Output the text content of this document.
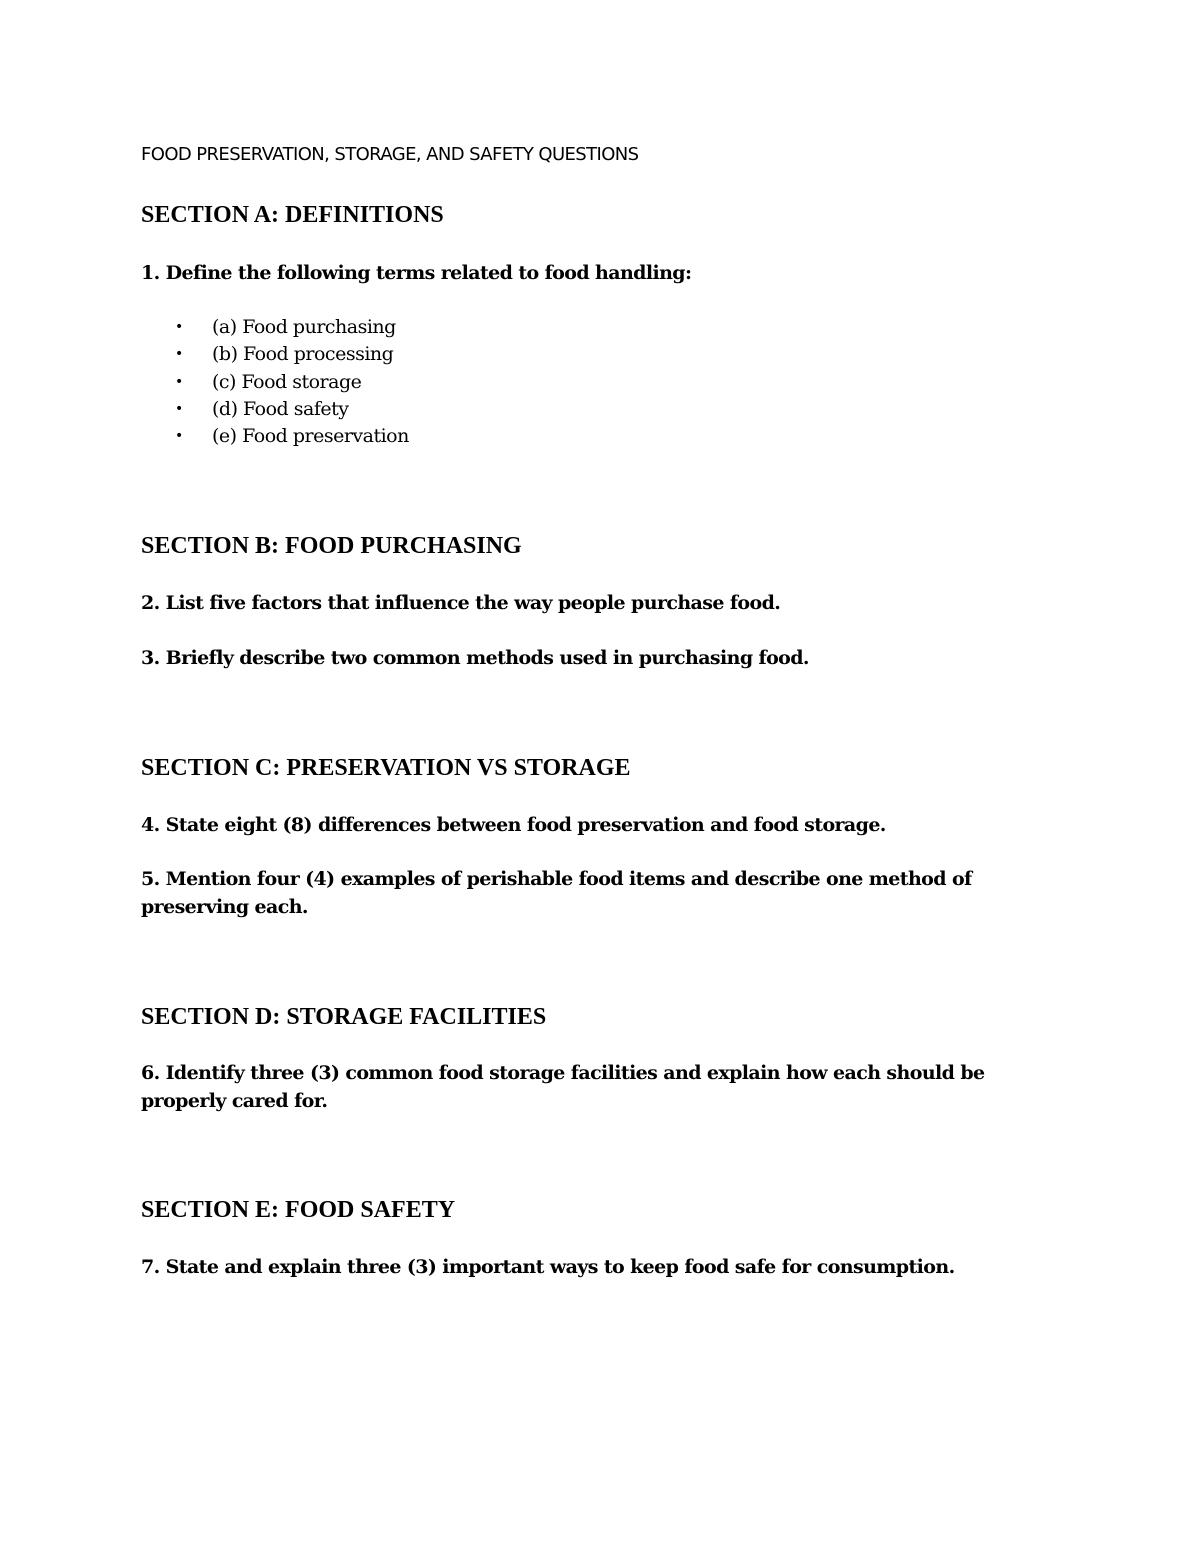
FOOD PRESERVATION, STORAGE, AND SAFETY QUESTIONS
SECTION A: DEFINITIONS
1. Define the following terms related to food handling:
• (a) Food purchasing
• (b) Food processing
• (c) Food storage
• (d) Food safety
• (e) Food preservation
SECTION B: FOOD PURCHASING
2. List five factors that influence the way people purchase food.
3. Briefly describe two common methods used in purchasing food.
SECTION C: PRESERVATION VS STORAGE
4. State eight (8) differences between food preservation and food storage.
5. Mention four (4) examples of perishable food items and describe one method of preserving each.
SECTION D: STORAGE FACILITIES
6. Identify three (3) common food storage facilities and explain how each should be properly cared for.
SECTION E: FOOD SAFETY
7. State and explain three (3) important ways to keep food safe for consumption.
